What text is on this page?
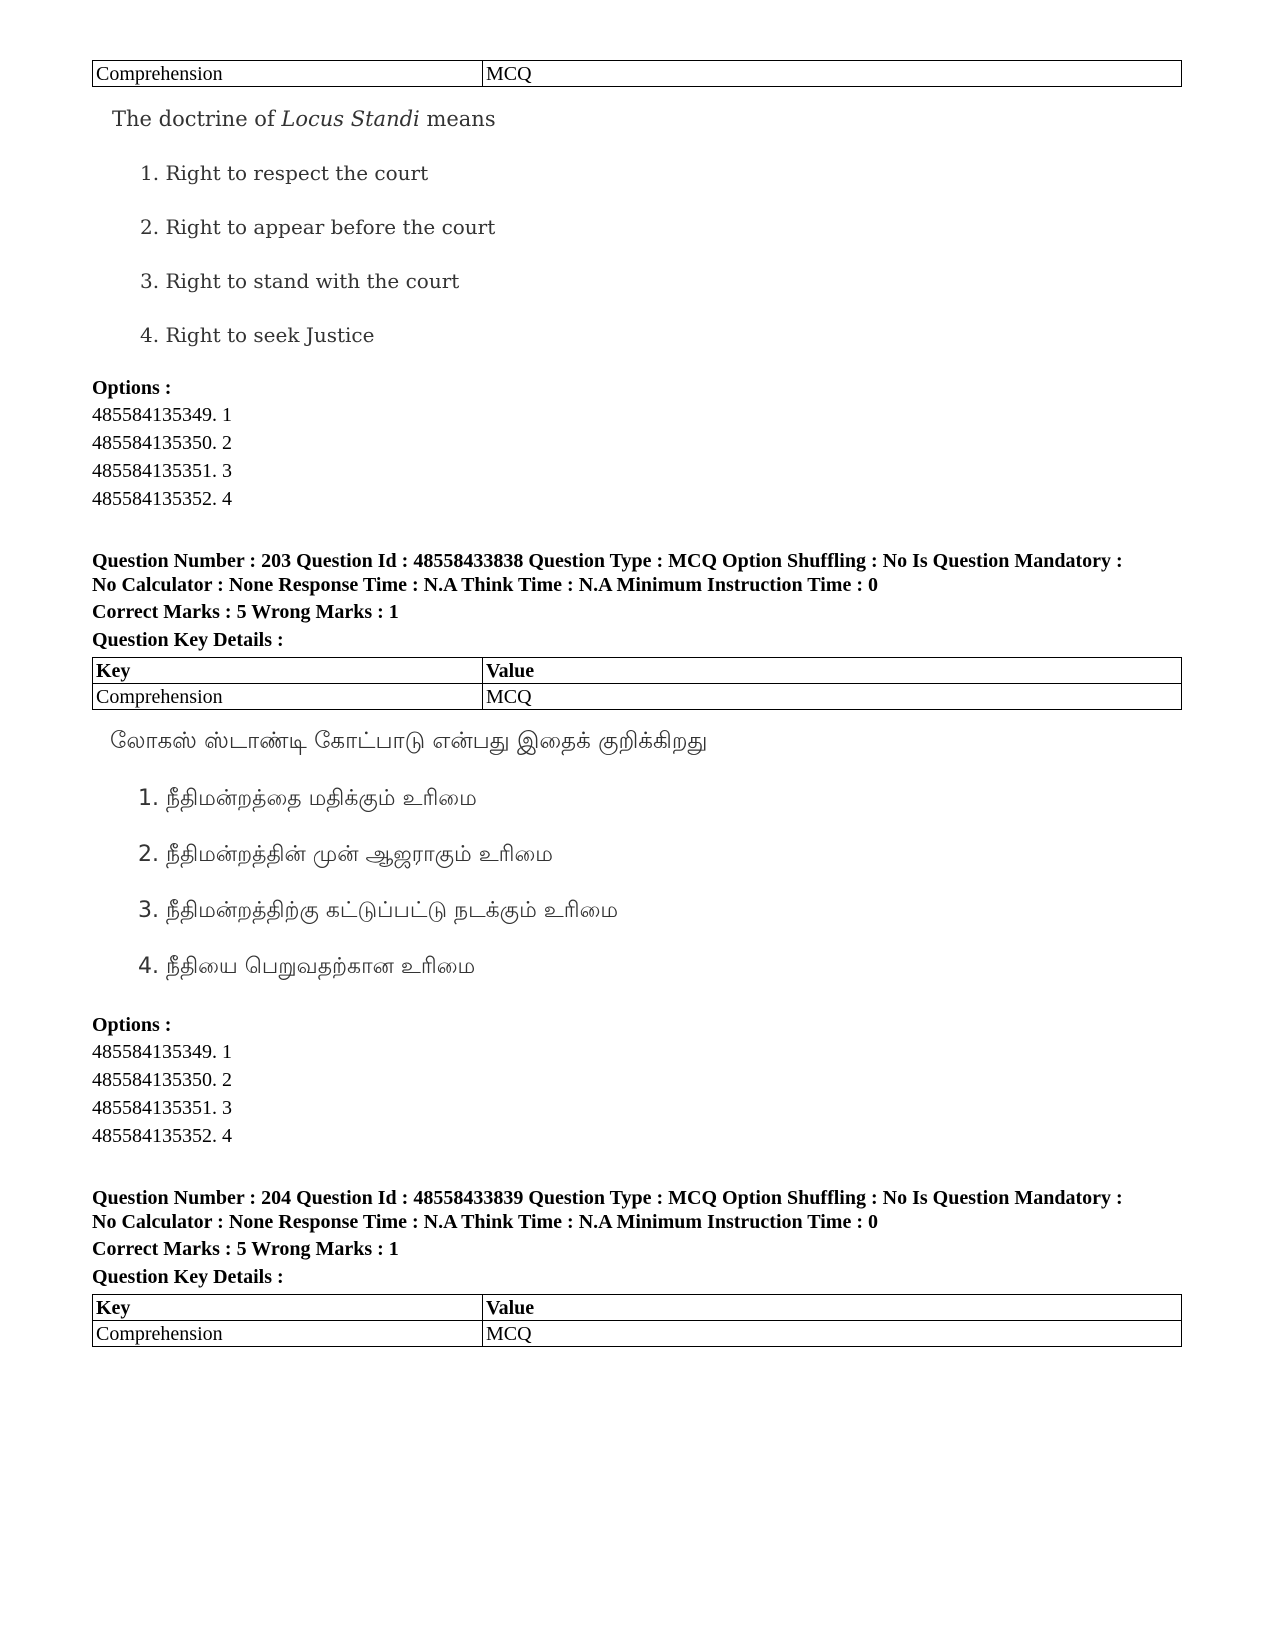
Comprehension	MCQ
The doctrine of Locus Standi means
1. Right to respect the court
2. Right to appear before the court
3. Right to stand with the court
4. Right to seek Justice
Options :
485584135349. 1
485584135350. 2
485584135351. 3
485584135352. 4
Question Number : 203 Question Id : 48558433838 Question Type : MCQ Option Shuffling : No Is Question Mandatory :
No Calculator : None Response Time : N.A Think Time : N.A Minimum Instruction Time : 0
Correct Marks : 5 Wrong Marks : 1
Question Key Details :
Key	Value
Comprehension	MCQ
லோகஸ் ஸ்டாண்டி கோட்பாடு என்பது இதைக் குறிக்கிறது
1. நீதிமன்றத்தை மதிக்கும் உரிமை
2. நீதிமன்றத்தின் முன் ஆஜராகும் உரிமை
3. நீதிமன்றத்திற்கு கட்டுப்பட்டு நடக்கும் உரிமை
4. நீதியை பெறுவதற்கான உரிமை
Options :
485584135349. 1
485584135350. 2
485584135351. 3
485584135352. 4
Question Number : 204 Question Id : 48558433839 Question Type : MCQ Option Shuffling : No Is Question Mandatory :
No Calculator : None Response Time : N.A Think Time : N.A Minimum Instruction Time : 0
Correct Marks : 5 Wrong Marks : 1
Question Key Details :
Key	Value
Comprehension	MCQ
